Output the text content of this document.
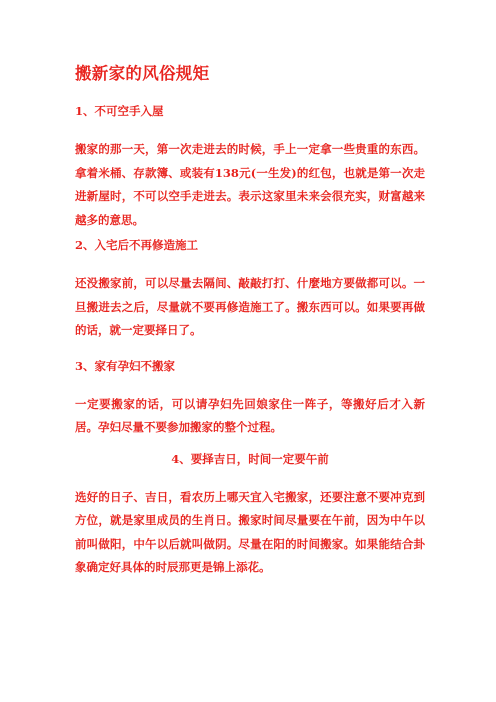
搬新家的风俗规矩
1、不可空手入屋
搬家的那一天，第一次走进去的时候，手上一定拿一些贵重的东西。拿着米桶、存款簿、或装有138元(一生发)的红包，也就是第一次走进新屋时，不可以空手走进去。表示这家里未来会很充实，财富越来越多的意思。
2、入宅后不再修造施工
还没搬家前，可以尽量去隔间、敲敲打打、什麼地方要做都可以。一旦搬进去之后，尽量就不要再修造施工了。搬东西可以。如果要再做的话，就一定要择日了。
3、家有孕妇不搬家
一定要搬家的话，可以请孕妇先回娘家住一阵子，等搬好后才入新居。孕妇尽量不要参加搬家的整个过程。
4、要择吉日，时间一定要午前
选好的日子、吉日，看农历上哪天宜入宅搬家，还要注意不要冲克到方位，就是家里成员的生肖日。搬家时间尽量要在午前，因为中午以前叫做阳，中午以后就叫做阴。尽量在阳的时间搬家。如果能结合卦象确定好具体的时辰那更是锦上添花。
